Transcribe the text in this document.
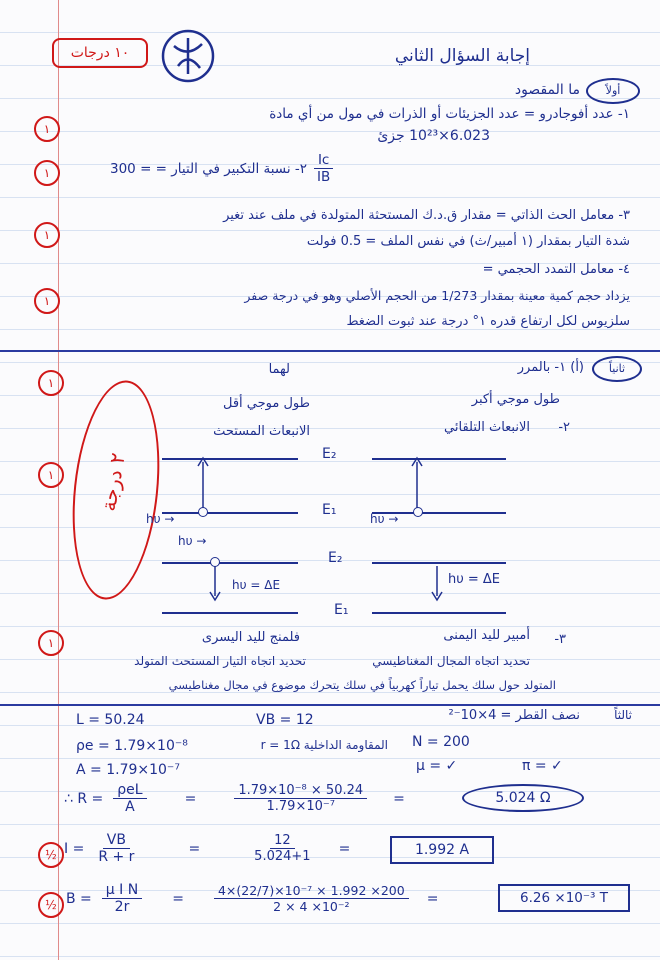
١٠ درجات	إجابة السؤال الثاني
أولاً
ما المقصود
١
١- عدد أفوجادرو = عدد الجزيئات أو الذرات في مول من أي مادة
6.023×10²³ جزئ
١	٢- نسبة التكبير في التيار = = $300 \frac{Ic}{IB}$
١
٣- معامل الحث الذاتي = مقدار ق.د.ك المستحثة المتولدة في ملف عند تغير
شدة التيار بمقدار (١ أمبير/ث) في نفس الملف = 0.5 فولت
١
٤- معامل التمدد الحجمي =
يزداد حجم كمية معينة بمقدار 1/273 من الحجم الأصلي وهو في درجة صفر
سلزيوس لكل ارتفاع قدره ١° درجة عند ثبوت الضغط
ثانياً
(أ) ١- بالمرر
لهما
١
طول موجي أكبر
طول موجي أقل
٢-
الانبعاث التلقائي
الانبعاث المستحث
٢ درجة
١
E₂
E₁
hυ →	hυ →
hυ →
E₂
hυ = ΔE	hυ = ΔE
E₁
١	٣-
أمبير لليد اليمنى
فلمنج لليد اليسرى
تحديد اتجاه المجال المغناطيسي
تحديد اتجاه التيار المستحث المتولد
المتولد حول سلك يحمل تياراً كهربياً في سلك يتحرك موضوع في مجال مغناطيسي
ثالثاً
L = 50.24	VB = 12	نصف القطر = 4×10⁻²
ρe = 1.79×10⁻⁸	المقاومة الداخلية r = 1Ω N = 200
A = 1.79×10⁻⁷	μ = ✓	π = ✓
∴ $R = \frac{\text{ρeL}}{A}$	=	$\frac{\text{1.79×10⁻⁸ × 50.24}}{\text{1.79×10⁻⁷}}$ =	5.024 Ω
½ $I = \frac{VB}{R + r}$	=	$\frac{12}{5.024+1}$ =	1.992 A
½ $B = \frac{\text{μ I N}}{2r} = \frac{\text{4×(22/7)×10⁻⁷ × 1.992 ×200}}{\text{2 × 4 ×10⁻²}}$ =	6.26 ×10⁻³ T
